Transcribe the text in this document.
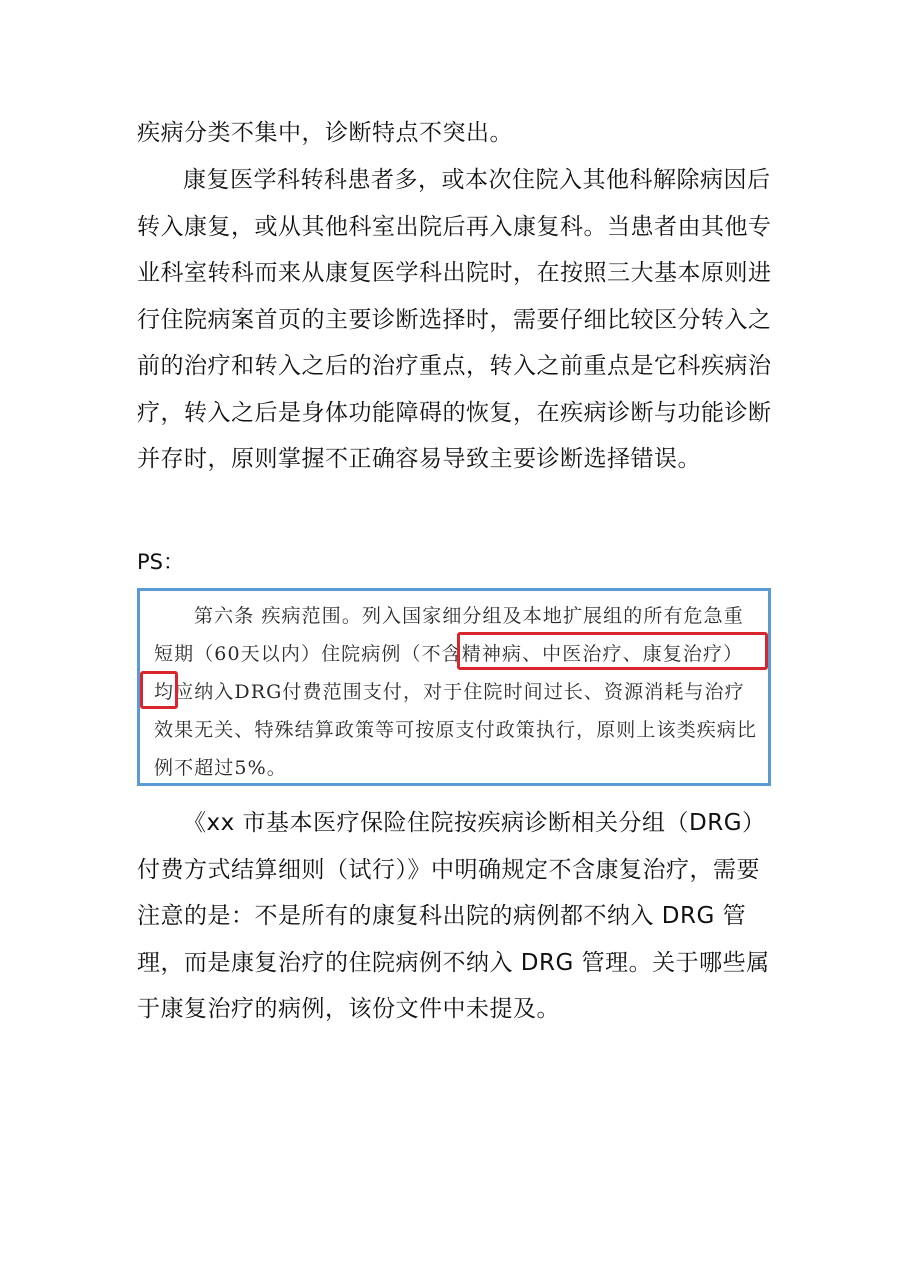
疾病分类不集中，诊断特点不突出。

康复医学科转科患者多，或本次住院入其他科解除病因后转入康复，或从其他科室出院后再入康复科。当患者由其他专业科室转科而来从康复医学科出院时，在按照三大基本原则进行住院病案首页的主要诊断选择时，需要仔细比较区分转入之前的治疗和转入之后的治疗重点，转入之前重点是它科疾病治疗，转入之后是身体功能障碍的恢复，在疾病诊断与功能诊断并存时，原则掌握不正确容易导致主要诊断选择错误。

PS：

第六条 疾病范围。列入国家细分组及本地扩展组的所有危急重短期（60天以内）住院病例（不含精神病、中医治疗、康复治疗）均应纳入DRG付费范围支付，对于住院时间过长、资源消耗与治疗效果无关、特殊结算政策等可按原支付政策执行，原则上该类疾病比例不超过5%。

《xx 市基本医疗保险住院按疾病诊断相关分组（DRG）付费方式结算细则（试行）》中明确规定不含康复治疗，需要注意的是：不是所有的康复科出院的病例都不纳入 DRG 管理，而是康复治疗的住院病例不纳入 DRG 管理。关于哪些属于康复治疗的病例，该份文件中未提及。
